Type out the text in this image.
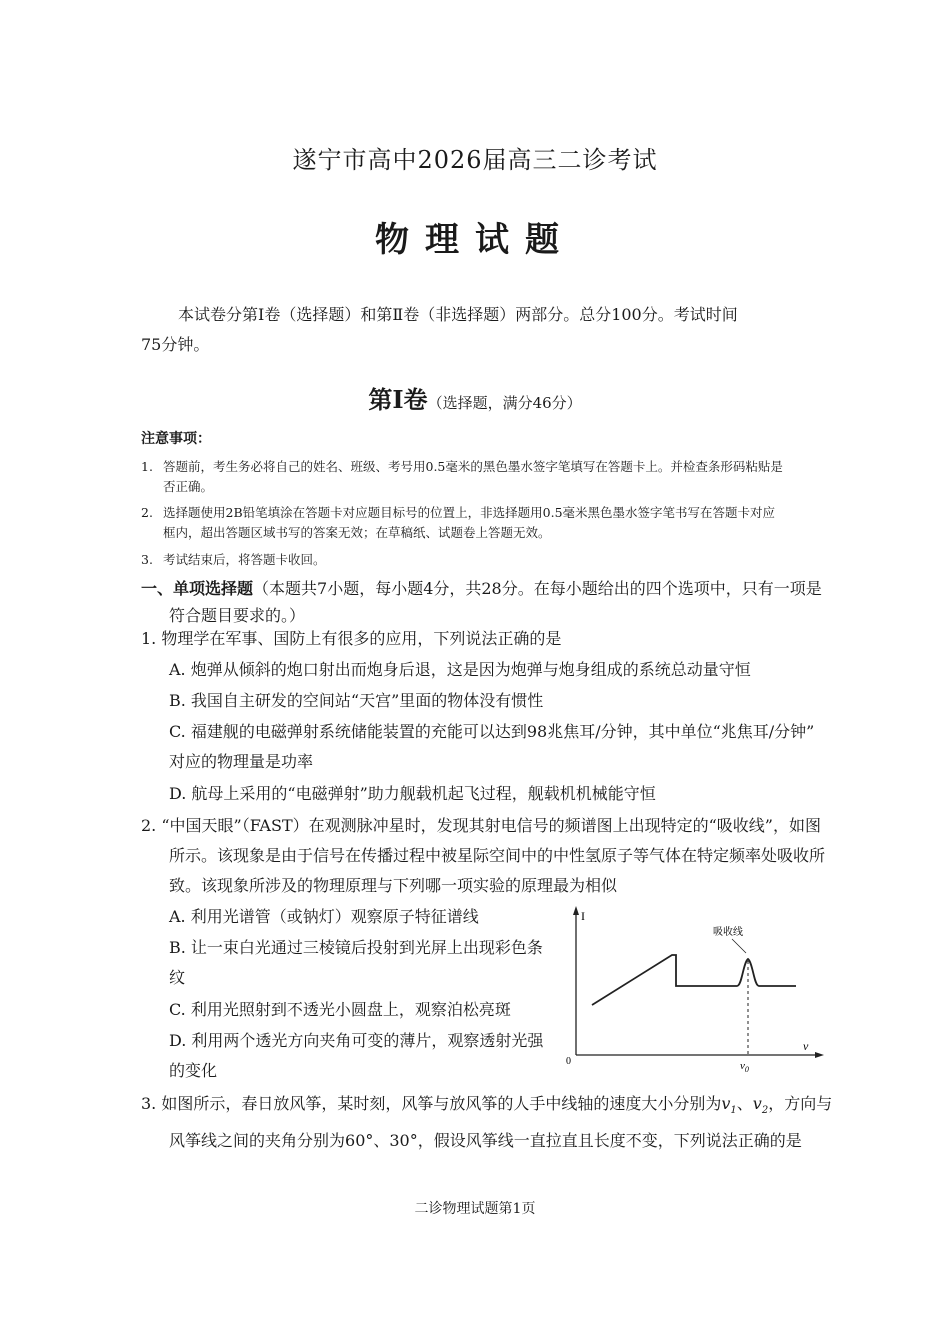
遂宁市高中2026届高三二诊考试
物理试题
本试卷分第Ⅰ卷（选择题）和第Ⅱ卷（非选择题）两部分。总分100分。考试时间
75分钟。
第Ⅰ卷（选择题，满分46分）
注意事项：
1. 答题前，考生务必将自己的姓名、班级、考号用0.5毫米的黑色墨水签字笔填写在答题卡上。并检查条形码粘贴是
否正确。
2. 选择题使用2B铅笔填涂在答题卡对应题目标号的位置上，非选择题用0.5毫米黑色墨水签字笔书写在答题卡对应
框内，超出答题区域书写的答案无效；在草稿纸、试题卷上答题无效。
3. 考试结束后，将答题卡收回。
一、单项选择题（本题共7小题，每小题4分，共28分。在每小题给出的四个选项中，只有一项是
符合题目要求的。）
1. 物理学在军事、国防上有很多的应用，下列说法正确的是
A. 炮弹从倾斜的炮口射出而炮身后退，这是因为炮弹与炮身组成的系统总动量守恒
B. 我国自主研发的空间站“天宫”里面的物体没有惯性
C. 福建舰的电磁弹射系统储能装置的充能可以达到98兆焦耳/分钟，其中单位“兆焦耳/分钟”
对应的物理量是功率
D. 航母上采用的“电磁弹射”助力舰载机起飞过程，舰载机机械能守恒
2. “中国天眼”（FAST）在观测脉冲星时，发现其射电信号的频谱图上出现特定的“吸收线”，如图
所示。该现象是由于信号在传播过程中被星际空间中的中性氢原子等气体在特定频率处吸收所
致。该现象所涉及的物理原理与下列哪一项实验的原理最为相似
A. 利用光谱管（或钠灯）观察原子特征谱线
B. 让一束白光通过三棱镜后投射到光屏上出现彩色条
纹
C. 利用光照射到不透光小圆盘上，观察泊松亮斑
D. 利用两个透光方向夹角可变的薄片，观察透射光强
的变化
I
v
0
吸收线
$v_0$
3. 如图所示，春日放风筝，某时刻，风筝与放风筝的人手中线轴的速度大小分别为$v_1$、$v_2$，方向与
风筝线之间的夹角分别为60°、30°，假设风筝线一直拉直且长度不变，下列说法正确的是
二诊物理试题第1页
